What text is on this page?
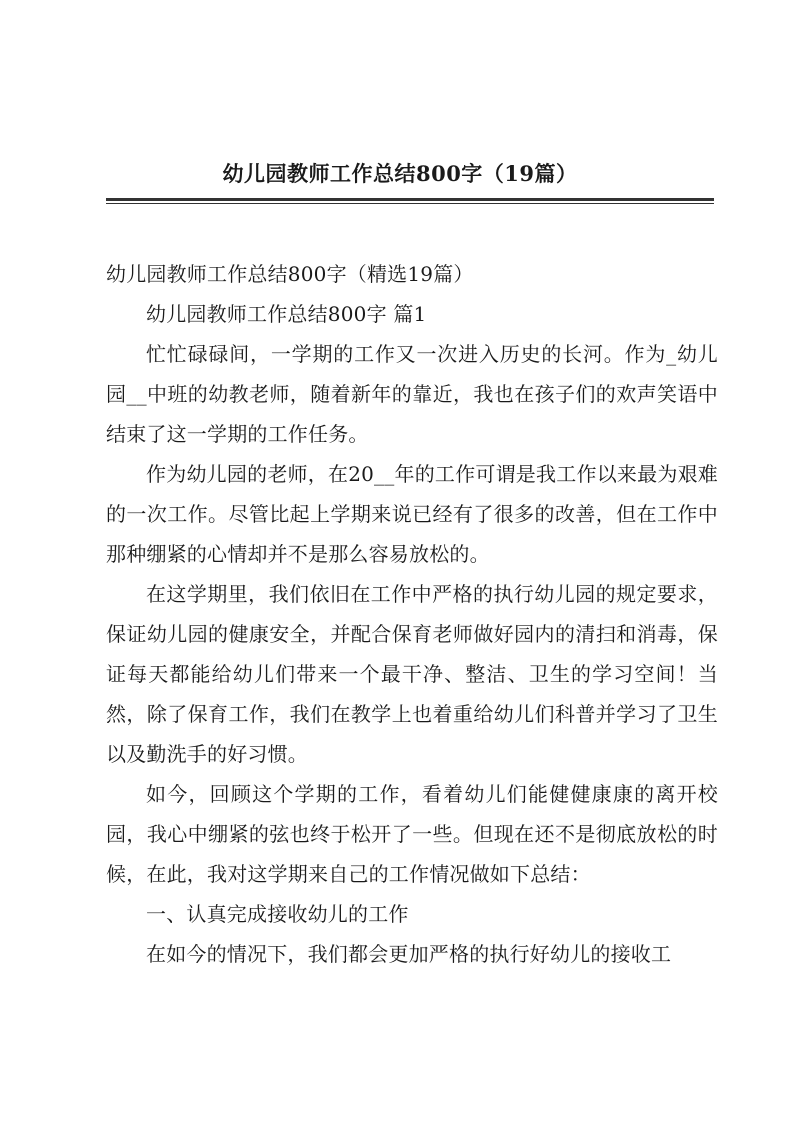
幼儿园教师工作总结800字（19篇）

幼儿园教师工作总结800字（精选19篇）

幼儿园教师工作总结800字 篇1

忙忙碌碌间，一学期的工作又一次进入历史的长河。作为_幼儿园__中班的幼教老师，随着新年的靠近，我也在孩子们的欢声笑语中结束了这一学期的工作任务。

作为幼儿园的老师，在20__年的工作可谓是我工作以来最为艰难的一次工作。尽管比起上学期来说已经有了很多的改善，但在工作中那种绷紧的心情却并不是那么容易放松的。

在这学期里，我们依旧在工作中严格的执行幼儿园的规定要求，保证幼儿园的健康安全，并配合保育老师做好园内的清扫和消毒，保证每天都能给幼儿们带来一个最干净、整洁、卫生的学习空间！当然，除了保育工作，我们在教学上也着重给幼儿们科普并学习了卫生以及勤洗手的好习惯。

如今，回顾这个学期的工作，看着幼儿们能健健康康的离开校园，我心中绷紧的弦也终于松开了一些。但现在还不是彻底放松的时候，在此，我对这学期来自己的工作情况做如下总结：

一、认真完成接收幼儿的工作

在如今的情况下，我们都会更加严格的执行好幼儿的接收工
